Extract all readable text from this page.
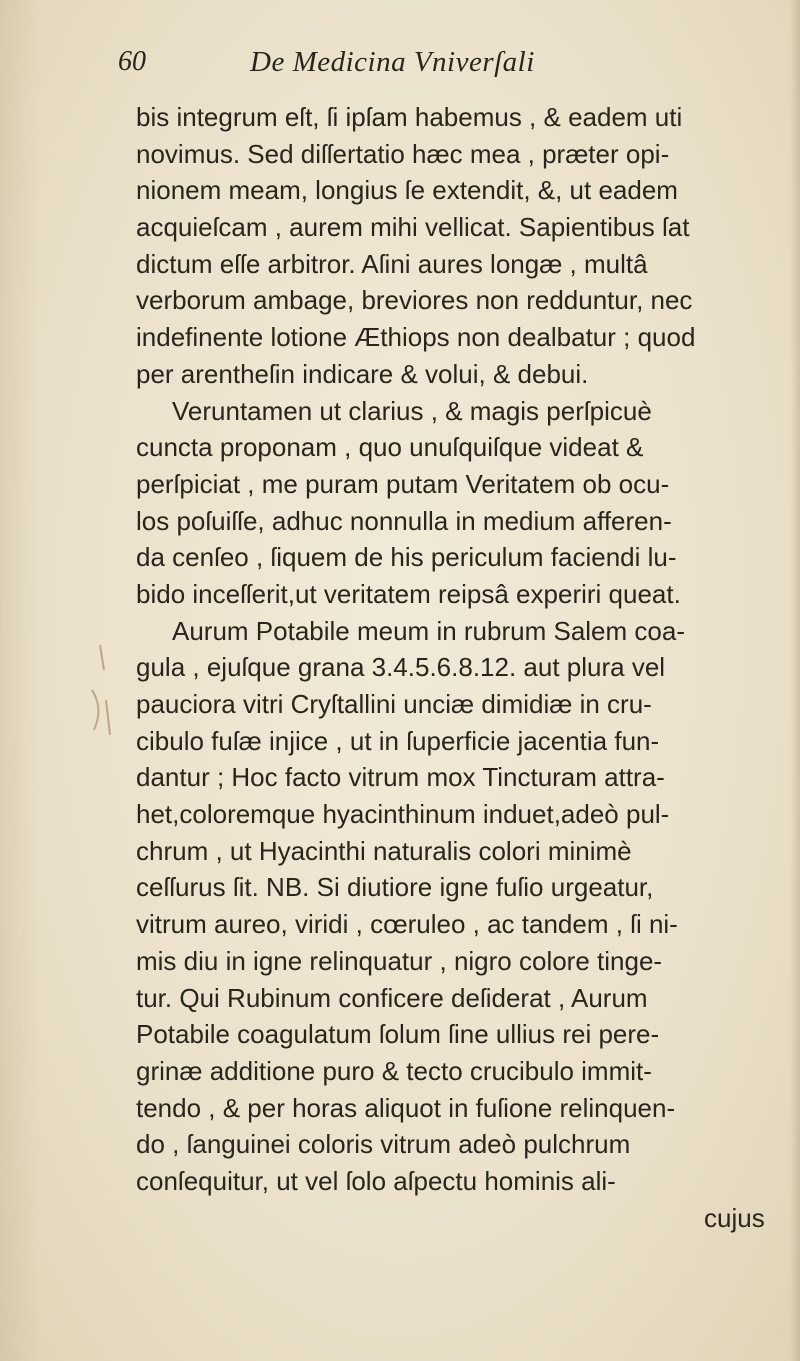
60	De Medicina Vniverſali
bis integrum eſt, ſi ipſam habemus , & eadem uti
novimus. Sed diſſertatio hæc mea , præter opi-
nionem meam, longius ſe extendit, &, ut eadem
acquieſcam , aurem mihi vellicat. Sapientibus ſat
dictum eſſe arbitror. Aſini aures longæ , multâ
verborum ambage, breviores non redduntur, nec
indefinente lotione Æthiops non dealbatur ; quod
per arentheſin indicare & volui, & debui.
Veruntamen ut clarius , & magis perſpicuè
cuncta proponam , quo unuſquiſque videat &
perſpiciat , me puram putam Veritatem ob ocu-
los poſuiſſe, adhuc nonnulla in medium afferen-
da cenſeo , ſiquem de his periculum faciendi lu-
bido inceſſerit,ut veritatem reipsâ experiri queat.
Aurum Potabile meum in rubrum Salem coa-
gula , ejuſque grana 3.4.5.6.8.12. aut plura vel
pauciora vitri Cryſtallini unciæ dimidiæ in cru-
cibulo fuſæ injice , ut in ſuperficie jacentia fun-
dantur ; Hoc facto vitrum mox Tincturam attra-
het,coloremque hyacinthinum induet,adeò pul-
chrum , ut Hyacinthi naturalis colori minimè
ceſſurus ſit. NB. Si diutiore igne fuſio urgeatur,
vitrum aureo, viridi , cœruleo , ac tandem , ſi ni-
mis diu in igne relinquatur , nigro colore tinge-
tur. Qui Rubinum conficere deſiderat , Aurum
Potabile coagulatum ſolum ſine ullius rei pere-
grinæ additione puro & tecto crucibulo immit-
tendo , & per horas aliquot in fuſione relinquen-
do , ſanguinei coloris vitrum adeò pulchrum
conſequitur, ut vel ſolo aſpectu hominis ali-
cujus
